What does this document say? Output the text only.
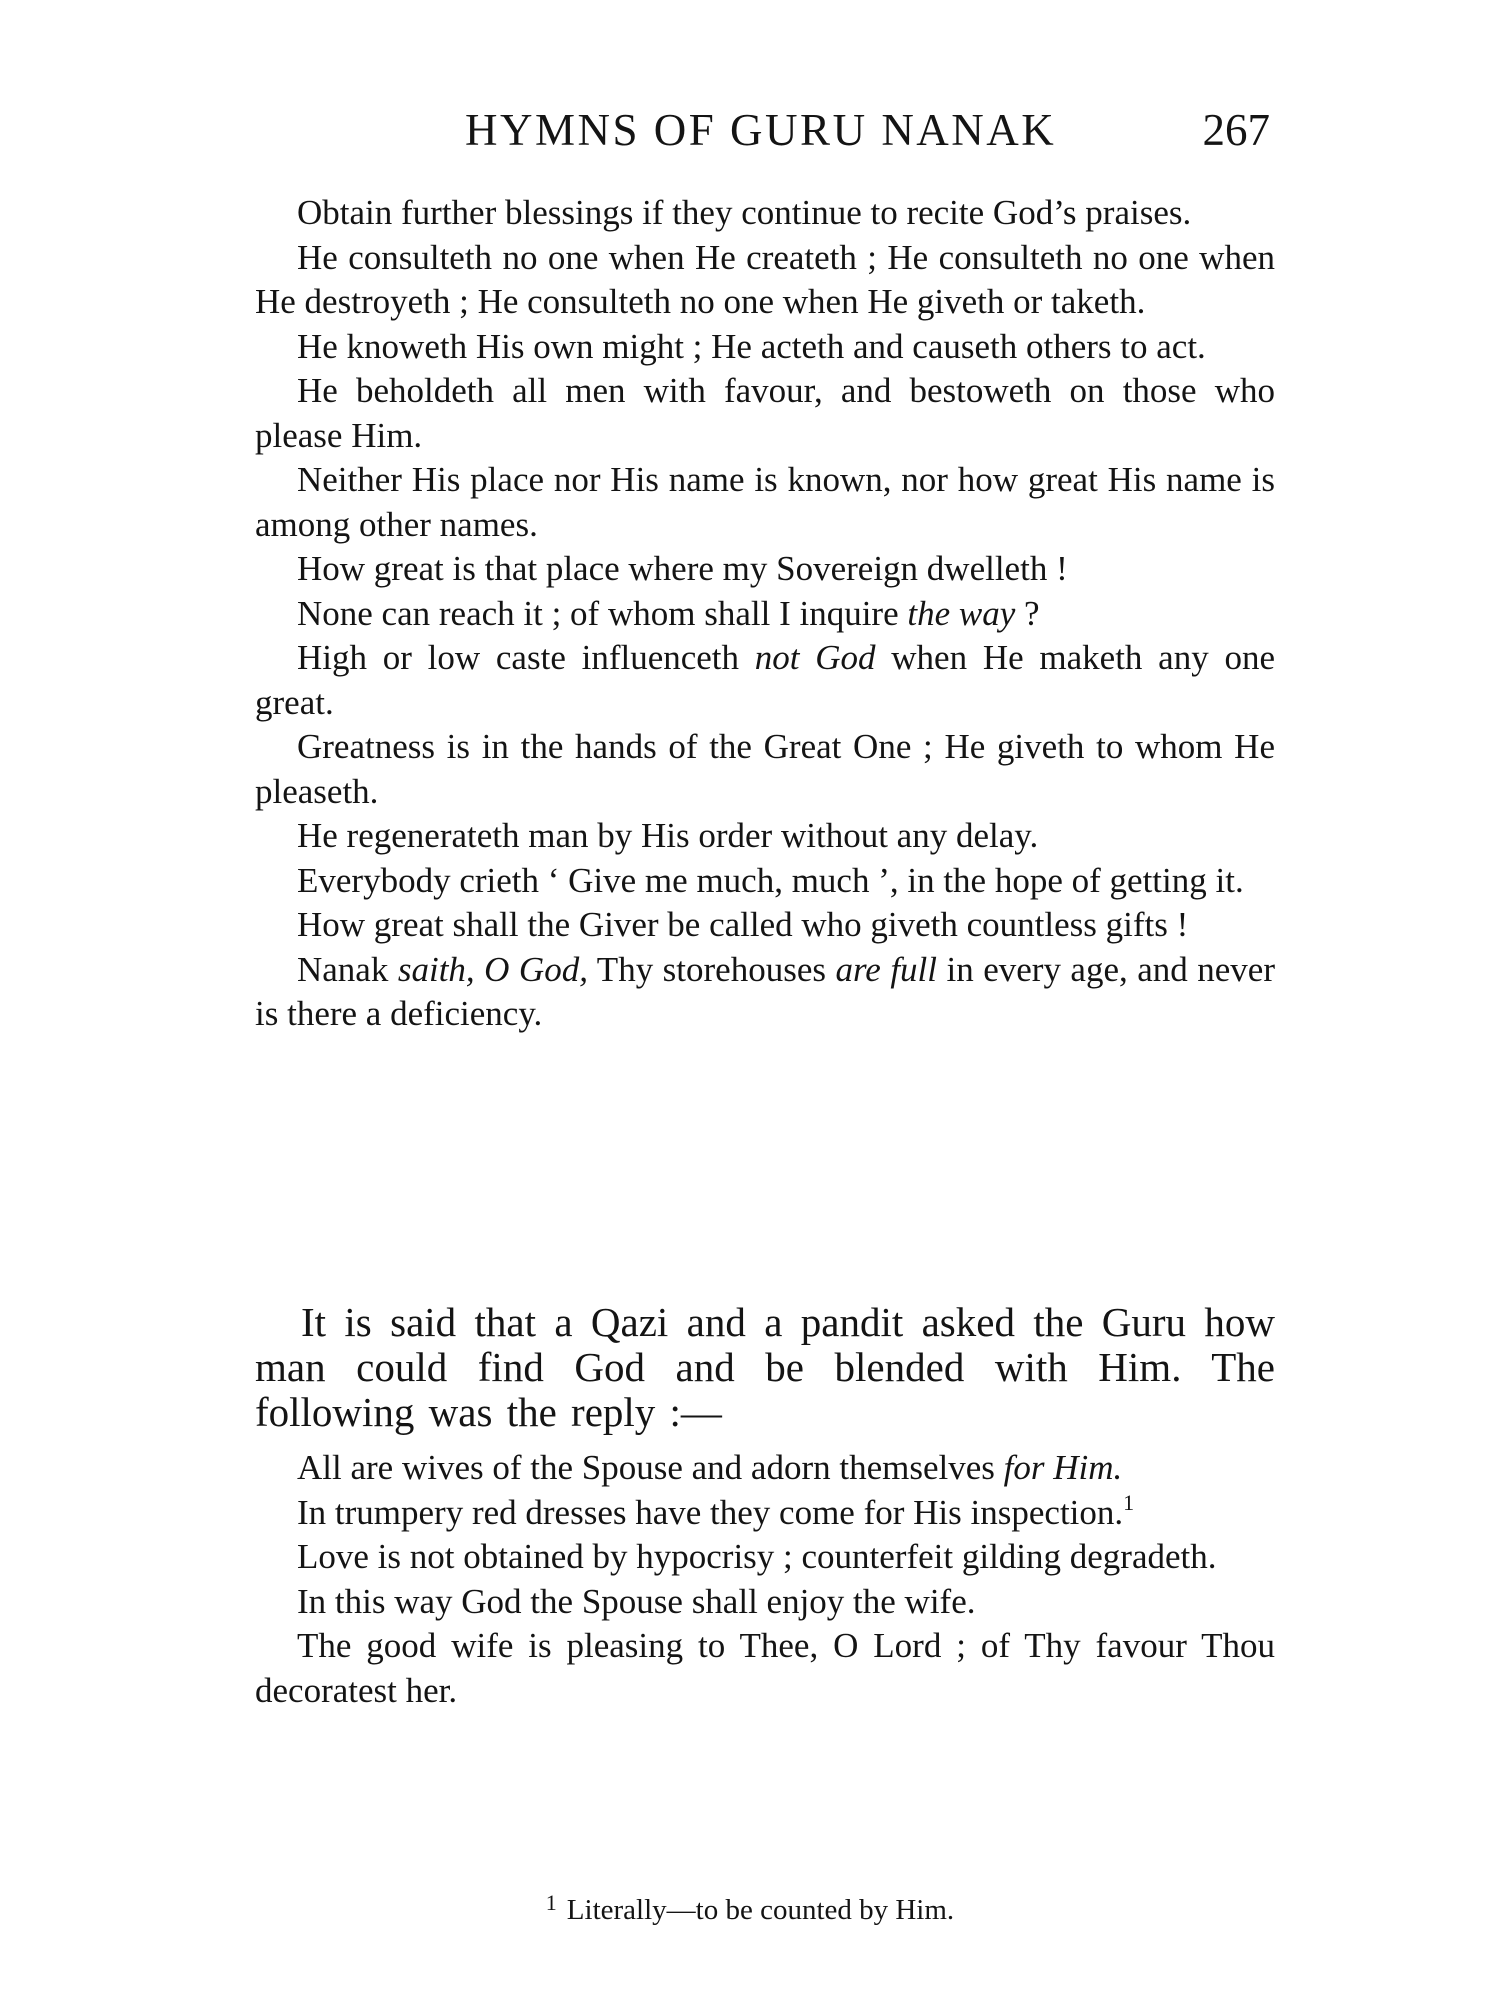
HYMNS OF GURU NANAK	267

Obtain further blessings if they continue to recite God’s praises.

He consulteth no one when He createth ; He consulteth no one when He destroyeth ; He consulteth no one when He giveth or taketh.

He knoweth His own might ; He acteth and causeth others to act.

He beholdeth all men with favour, and bestoweth on those who please Him.

Neither His place nor His name is known, nor how great His name is among other names.

How great is that place where my Sovereign dwelleth !

None can reach it ; of whom shall I inquire the way ?

High or low caste influenceth not God when He maketh any one great.

Greatness is in the hands of the Great One ; He giveth to whom He pleaseth.

He regenerateth man by His order without any delay.

Everybody crieth ‘ Give me much, much ’, in the hope of getting it.

How great shall the Giver be called who giveth countless gifts !

Nanak saith, O God, Thy storehouses are full in every age, and never is there a deficiency.

It is said that a Qazi and a pandit asked the Guru how man could find God and be blended with Him. The following was the reply :—

All are wives of the Spouse and adorn themselves for Him.

In trumpery red dresses have they come for His inspection.$^1$

Love is not obtained by hypocrisy ; counterfeit gilding degradeth.

In this way God the Spouse shall enjoy the wife.

The good wife is pleasing to Thee, O Lord ; of Thy favour Thou decoratest her.

$^1$ Literally—to be counted by Him.
